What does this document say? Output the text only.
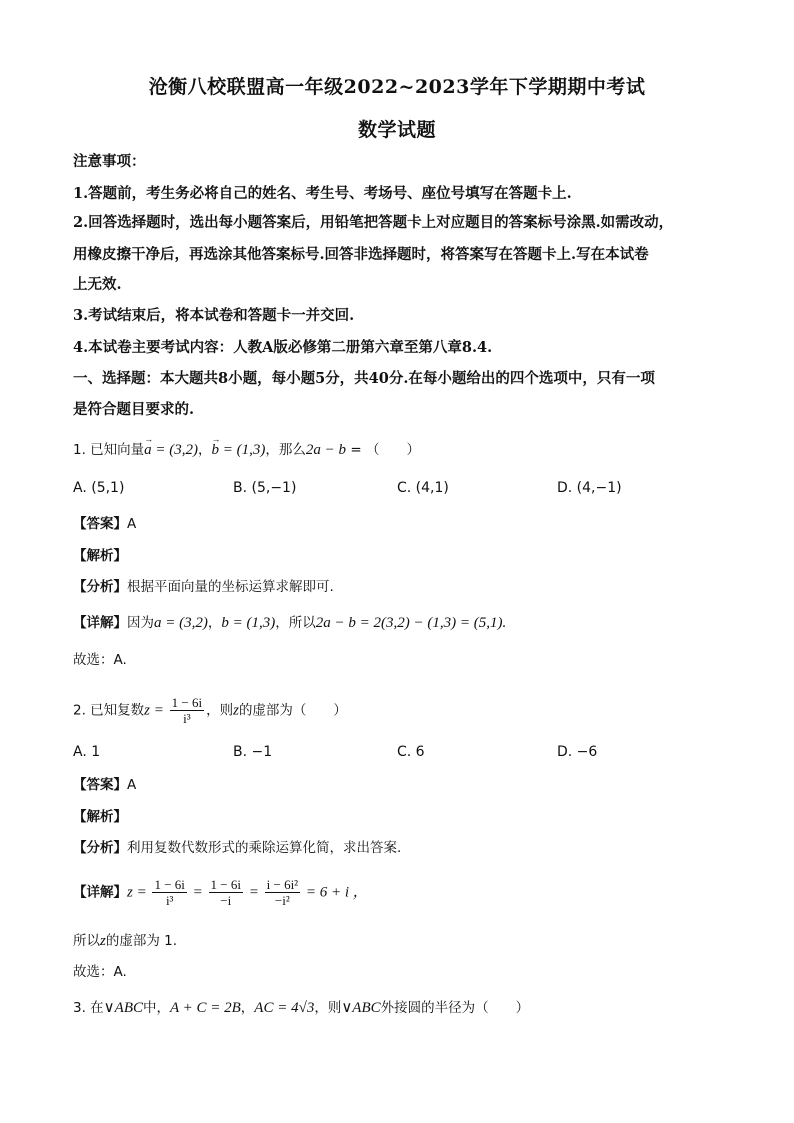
沧衡八校联盟高一年级2022~2023学年下学期期中考试
数学试题
注意事项：
1.答题前，考生务必将自己的姓名、考生号、考场号、座位号填写在答题卡上.
2.回答选择题时，选出每小题答案后，用铅笔把答题卡上对应题目的答案标号涂黑.如需改动，
用橡皮擦干净后，再选涂其他答案标号.回答非选择题时，将答案写在答题卡上.写在本试卷
上无效.
3.考试结束后，将本试卷和答题卡一并交回.
4.本试卷主要考试内容：人教A版必修第二册第六章至第八章8.4.
一、选择题：本大题共8小题，每小题5分，共40分.在每小题给出的四个选项中，只有一项
是符合题目要求的.
1. 已知向量→ a = (3,2)，→ b = (1,3)，那么2a − b = （　　）
A. (5,1)	B. (5,−1)	C. (4,1)	D. (4,−1)
【答案】A
【解析】
【分析】根据平面向量的坐标运算求解即可.
【详解】因为a = (3,2)，b = (1,3)，所以2a − b = 2(3,2) − (1,3) = (5,1).
故选：A.
2. 已知复数$z = \frac{1 - 6i}{\text{i³}}$ ，则z的虚部为（　　）
A. 1	B. −1	C. 6	D. −6
【答案】A
【解析】
【分析】利用复数代数形式的乘除运算化简，求出答案.
【详解】$z = \frac{1 - 6i}{\text{i³}} = \frac{1 - 6i}{-i} = \frac{\text{i − 6i²}}{\text{−i²}} = 6 + i$ ，
所以z的虚部为 1.
故选：A.
3. 在∨ABC中，A + C = 2B，AC = 4√3，则∨ABC外接圆的半径为（　　）
